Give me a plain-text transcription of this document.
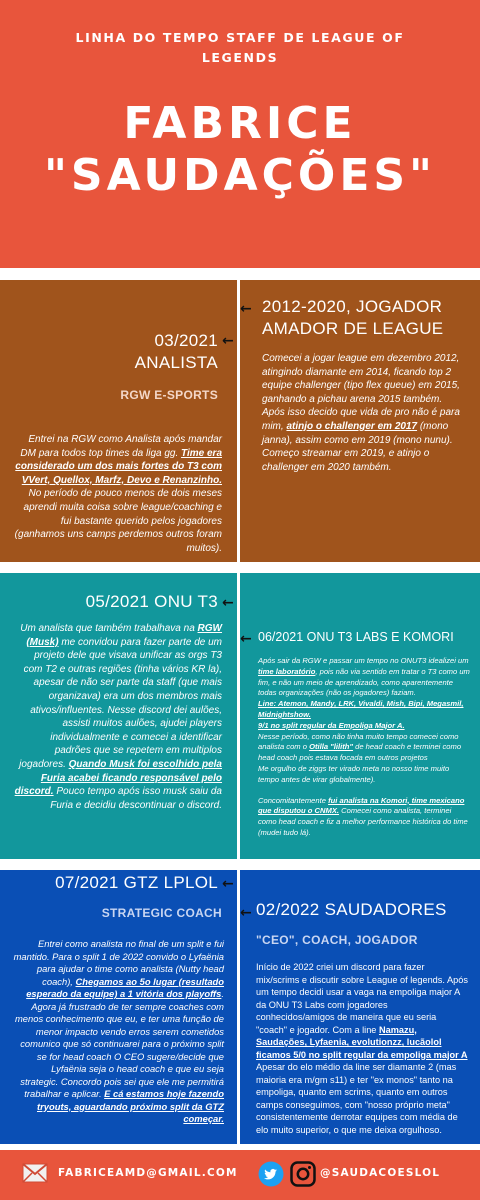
LINHA DO TEMPO STAFF DE LEAGUE OF LEGENDS
FABRICE
"SAUDAÇÕES"
← 2012-2020, JOGADOR
AMADOR DE LEAGUE
Comecei a jogar league em dezembro 2012, atingindo diamante em 2014, ficando top 2 equipe challenger (tipo flex queue) em 2015, ganhando a pichau arena 2015 também. Após isso decido que vida de pro não é para mim, atinjo o challenger em 2017 (mono janna), assim como em 2019 (mono nunu). Começo streamar em 2019, e atinjo o challenger em 2020 também.
03/2021
ANALISTA
←
RGW E-SPORTS
Entrei na RGW como Analista após mandar DM para todos top times da liga gg. Time era considerado um dos mais fortes do T3 com VVert, Quellox, Marfz, Devo e Renanzinho. No período de pouco menos de dois meses aprendi muita coisa sobre league/coaching e fui bastante querido pelos jogadores (ganhamos uns camps perdemos outros foram muitos).
05/2021 ONU T3 ←
Um analista que também trabalhava na RGW (Musk) me convidou para fazer parte de um projeto dele que visava unificar as orgs T3 com T2 e outras regiões (tinha vários KR la), apesar de não ser parte da staff (que mais organizava) era um dos membros mais ativos/influentes. Nesse discord dei aulões, assisti muitos aulões, ajudei players individualmente e comecei a identificar padrões que se repetem em multiplos jogadores. Quando Musk foi escolhido pela Furia acabei ficando responsável pelo discord. Pouco tempo após isso musk saiu da Furia e decidiu descontinuar o discord.
← 06/2021 ONU T3 LABS E KOMORI
Após sair da RGW e passar um tempo no ONUT3 idealizei um time laboratório, pois não via sentido em tratar o T3 como um fim, e não um meio de aprendizado, como aparentemente todas organizações (não os jogadores) faziam.
Line: Atemon, Mandy, LRK, Vivaldi, Mish, Bipi, Megasmil, Midnightshow.
9/1 no split regular da Empoliga Major A.
Nesse período, como não tinha muito tempo comecei como analista com o Otilla "lilith" de head coach e terminei como head coach pois estava focada em outros projetos
Me orgulho de ziggs ter virado meta no nosso time muito tempo antes de virar globalmente).
Concomitantemente fui analista na Komori, time mexicano que disputou o CNMX. Comecei como analista, terminei como head coach e fiz a melhor performance histórica do time (mudei tudo lá).
07/2021 GTZ LPLOL ←
STRATEGIC COACH
Entrei como analista no final de um split e fui mantido. Para o split 1 de 2022 convido o Lyfaënia para ajudar o time como analista (Nutty head coach), Chegamos ao 5o lugar (resultado esperado da equipe) a 1 vitória dos playoffs. Agora já frustrado de ter sempre coaches com menos conhecimento que eu, e ter uma função de menor impacto vendo erros serem cometidos comunico que só continuarei para o próximo split se for head coach O CEO sugere/decide que Lyfaënia seja o head coach e que eu seja strategic. Concordo pois sei que ele me permitirá trabalhar e aplicar. E cá estamos hoje fazendo tryouts, aguardando próximo split da GTZ começar.
← 02/2022 SAUDADORES
"CEO", COACH, JOGADOR
Início de 2022 criei um discord para fazer mix/scrims e discutir sobre League of legends. Após um tempo decidi usar a vaga na empoliga major A da ONU T3 Labs com jogadores conhecidos/amigos de maneira que eu seria "coach" e jogador. Com a line Namazu, Saudações, Lyfaenia, evolutionzz, lucãolol ficamos 5/0 no split regular da empoliga major A Apesar do elo médio da line ser diamante 2 (mas maioria era m/gm s11) e ter "ex monos" tanto na empoliga, quanto em scrims, quanto em outros camps conseguimos, com "nosso próprio meta" consistentemente derrotar equipes com média de elo muito superior, o que me deixa orgulhoso.
FABRICEAMD@GMAIL.COM	@SAUDACOESLOL
